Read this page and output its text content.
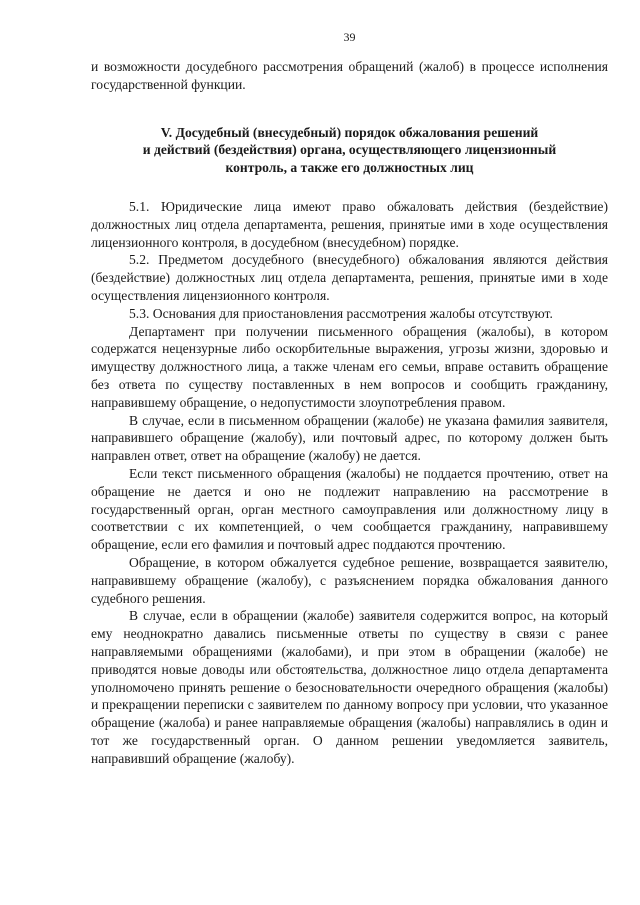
39

и возможности досудебного рассмотрения обращений (жалоб) в процессе исполнения государственной функции.

V. Досудебный (внесудебный) порядок обжалования решений
и действий (бездействия) органа, осуществляющего лицензионный
контроль, а также его должностных лиц

5.1. Юридические лица имеют право обжаловать действия (бездействие) должностных лиц отдела департамента, решения, принятые ими в ходе осуществления лицензионного контроля, в досудебном (внесудебном) порядке.

5.2. Предметом досудебного (внесудебного) обжалования являются действия (бездействие) должностных лиц отдела департамента, решения, принятые ими в ходе осуществления лицензионного контроля.

5.3. Основания для приостановления рассмотрения жалобы отсутствуют.

Департамент при получении письменного обращения (жалобы), в котором содержатся нецензурные либо оскорбительные выражения, угрозы жизни, здоровью и имуществу должностного лица, а также членам его семьи, вправе оставить обращение без ответа по существу поставленных в нем вопросов и сообщить гражданину, направившему обращение, о недопустимости злоупотребления правом.

В случае, если в письменном обращении (жалобе) не указана фамилия заявителя, направившего обращение (жалобу), или почтовый адрес, по которому должен быть направлен ответ, ответ на обращение (жалобу) не дается.

Если текст письменного обращения (жалобы) не поддается прочтению, ответ на обращение не дается и оно не подлежит направлению на рассмотрение в государственный орган, орган местного самоуправления или должностному лицу в соответствии с их компетенцией, о чем сообщается гражданину, направившему обращение, если его фамилия и почтовый адрес поддаются прочтению.

Обращение, в котором обжалуется судебное решение, возвращается заявителю, направившему обращение (жалобу), с разъяснением порядка обжалования данного судебного решения.

В случае, если в обращении (жалобе) заявителя содержится вопрос, на который ему неоднократно давались письменные ответы по существу в связи с ранее направляемыми обращениями (жалобами), и при этом в обращении (жалобе) не приводятся новые доводы или обстоятельства, должностное лицо отдела департамента уполномочено принять решение о безосновательности очередного обращения (жалобы) и прекращении переписки с заявителем по данному вопросу при условии, что указанное обращение (жалоба) и ранее направляемые обращения (жалобы) направлялись в один и тот же государственный орган. О данном решении уведомляется заявитель, направивший обращение (жалобу).
